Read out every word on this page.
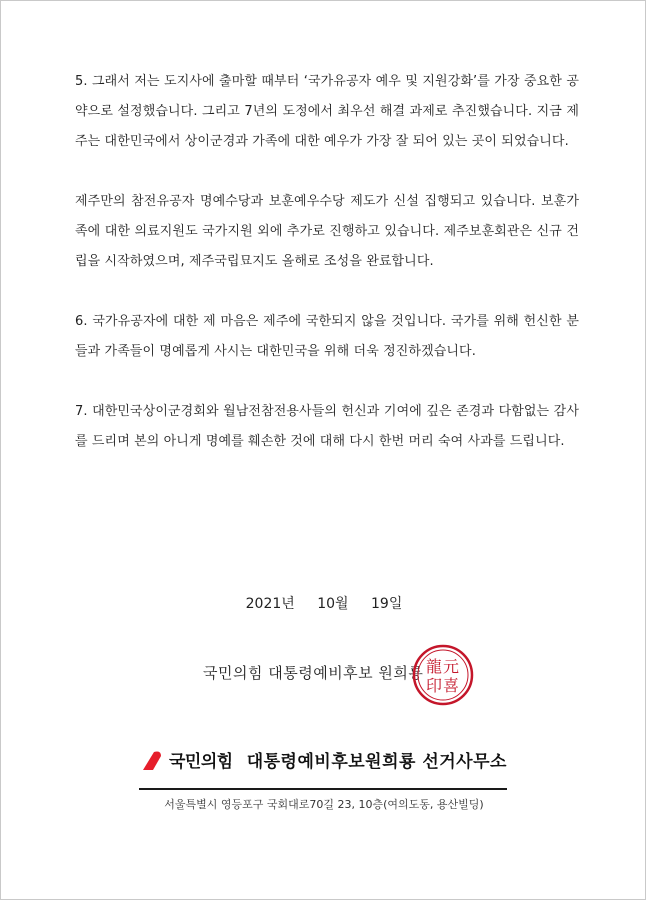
5. 그래서 저는 도지사에 출마할 때부터 ‘국가유공자 예우 및 지원강화’를 가장 중요한 공약으로 설정했습니다. 그리고 7년의 도정에서 최우선 해결 과제로 추진했습니다. 지금 제주는 대한민국에서 상이군경과 가족에 대한 예우가 가장 잘 되어 있는 곳이 되었습니다.

제주만의 참전유공자 명예수당과 보훈예우수당 제도가 신설 집행되고 있습니다. 보훈가족에 대한 의료지원도 국가지원 외에 추가로 진행하고 있습니다. 제주보훈회관은 신규 건립을 시작하였으며, 제주국립묘지도 올해로 조성을 완료합니다.

6. 국가유공자에 대한 제 마음은 제주에 국한되지 않을 것입니다. 국가를 위해 헌신한 분들과 가족들이 명예롭게 사시는 대한민국을 위해 더욱 정진하겠습니다.

7. 대한민국상이군경회와 월남전참전용사들의 헌신과 기여에 깊은 존경과 다함없는 감사를 드리며 본의 아니게 명예를 훼손한 것에 대해 다시 한번 머리 숙여 사과를 드립니다.

2021년 10월 19일
국민의힘 대통령예비후보 원희룡 元
喜
龍
印
국민의힘 대통령예비후보원희룡 선거사무소
서울특별시 영등포구 국회대로70길 23, 10층(여의도동, 용산빌딩)
